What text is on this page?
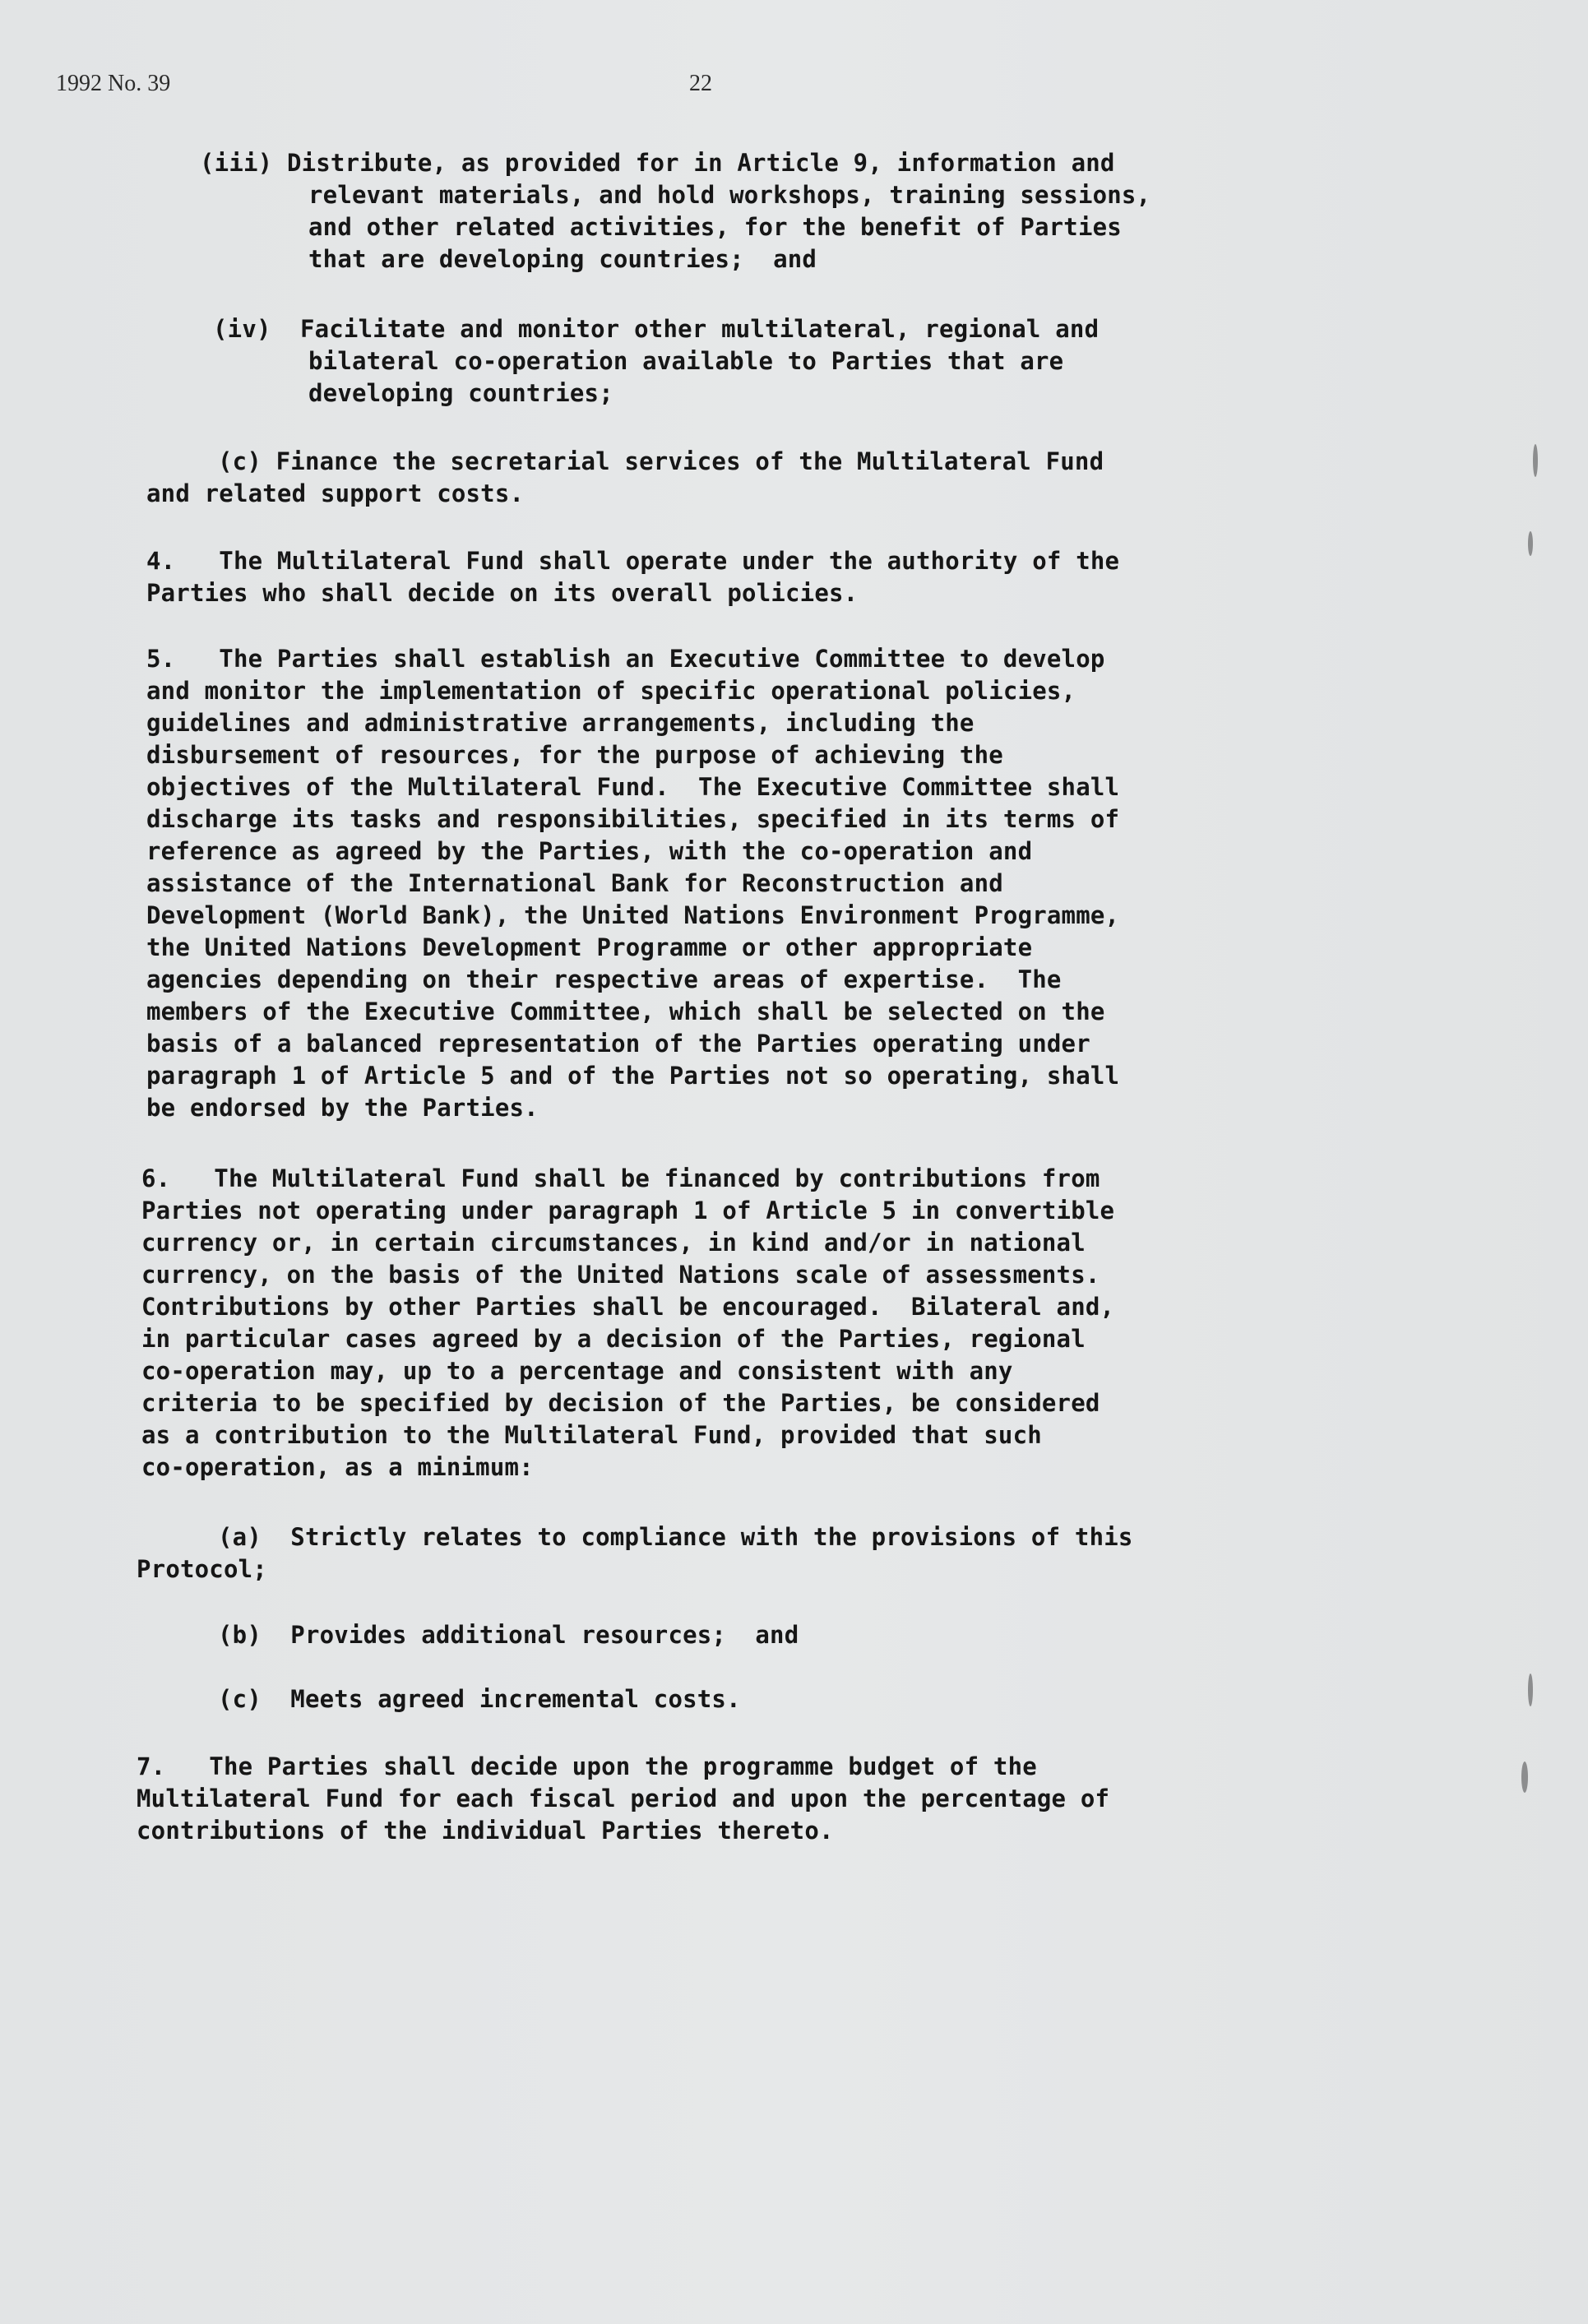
1992 No. 39	22
(iii) Distribute, as provided for in Article 9, information and
relevant materials, and hold workshops, training sessions,
and other related activities, for the benefit of Parties
that are developing countries;  and
(iv)  Facilitate and monitor other multilateral, regional and
bilateral co-operation available to Parties that are
developing countries;
(c) Finance the secretarial services of the Multilateral Fund
and related support costs.
4.   The Multilateral Fund shall operate under the authority of the
Parties who shall decide on its overall policies.
5.   The Parties shall establish an Executive Committee to develop
and monitor the implementation of specific operational policies,
guidelines and administrative arrangements, including the
disbursement of resources, for the purpose of achieving the
objectives of the Multilateral Fund.  The Executive Committee shall
discharge its tasks and responsibilities, specified in its terms of
reference as agreed by the Parties, with the co-operation and
assistance of the International Bank for Reconstruction and
Development (World Bank), the United Nations Environment Programme,
the United Nations Development Programme or other appropriate
agencies depending on their respective areas of expertise.  The
members of the Executive Committee, which shall be selected on the
basis of a balanced representation of the Parties operating under
paragraph 1 of Article 5 and of the Parties not so operating, shall
be endorsed by the Parties.
6.   The Multilateral Fund shall be financed by contributions from
Parties not operating under paragraph 1 of Article 5 in convertible
currency or, in certain circumstances, in kind and/or in national
currency, on the basis of the United Nations scale of assessments.
Contributions by other Parties shall be encouraged.  Bilateral and,
in particular cases agreed by a decision of the Parties, regional
co-operation may, up to a percentage and consistent with any
criteria to be specified by decision of the Parties, be considered
as a contribution to the Multilateral Fund, provided that such
co-operation, as a minimum:
(a)  Strictly relates to compliance with the provisions of this
Protocol;
(b)  Provides additional resources;  and
(c)  Meets agreed incremental costs.
7.   The Parties shall decide upon the programme budget of the
Multilateral Fund for each fiscal period and upon the percentage of
contributions of the individual Parties thereto.
